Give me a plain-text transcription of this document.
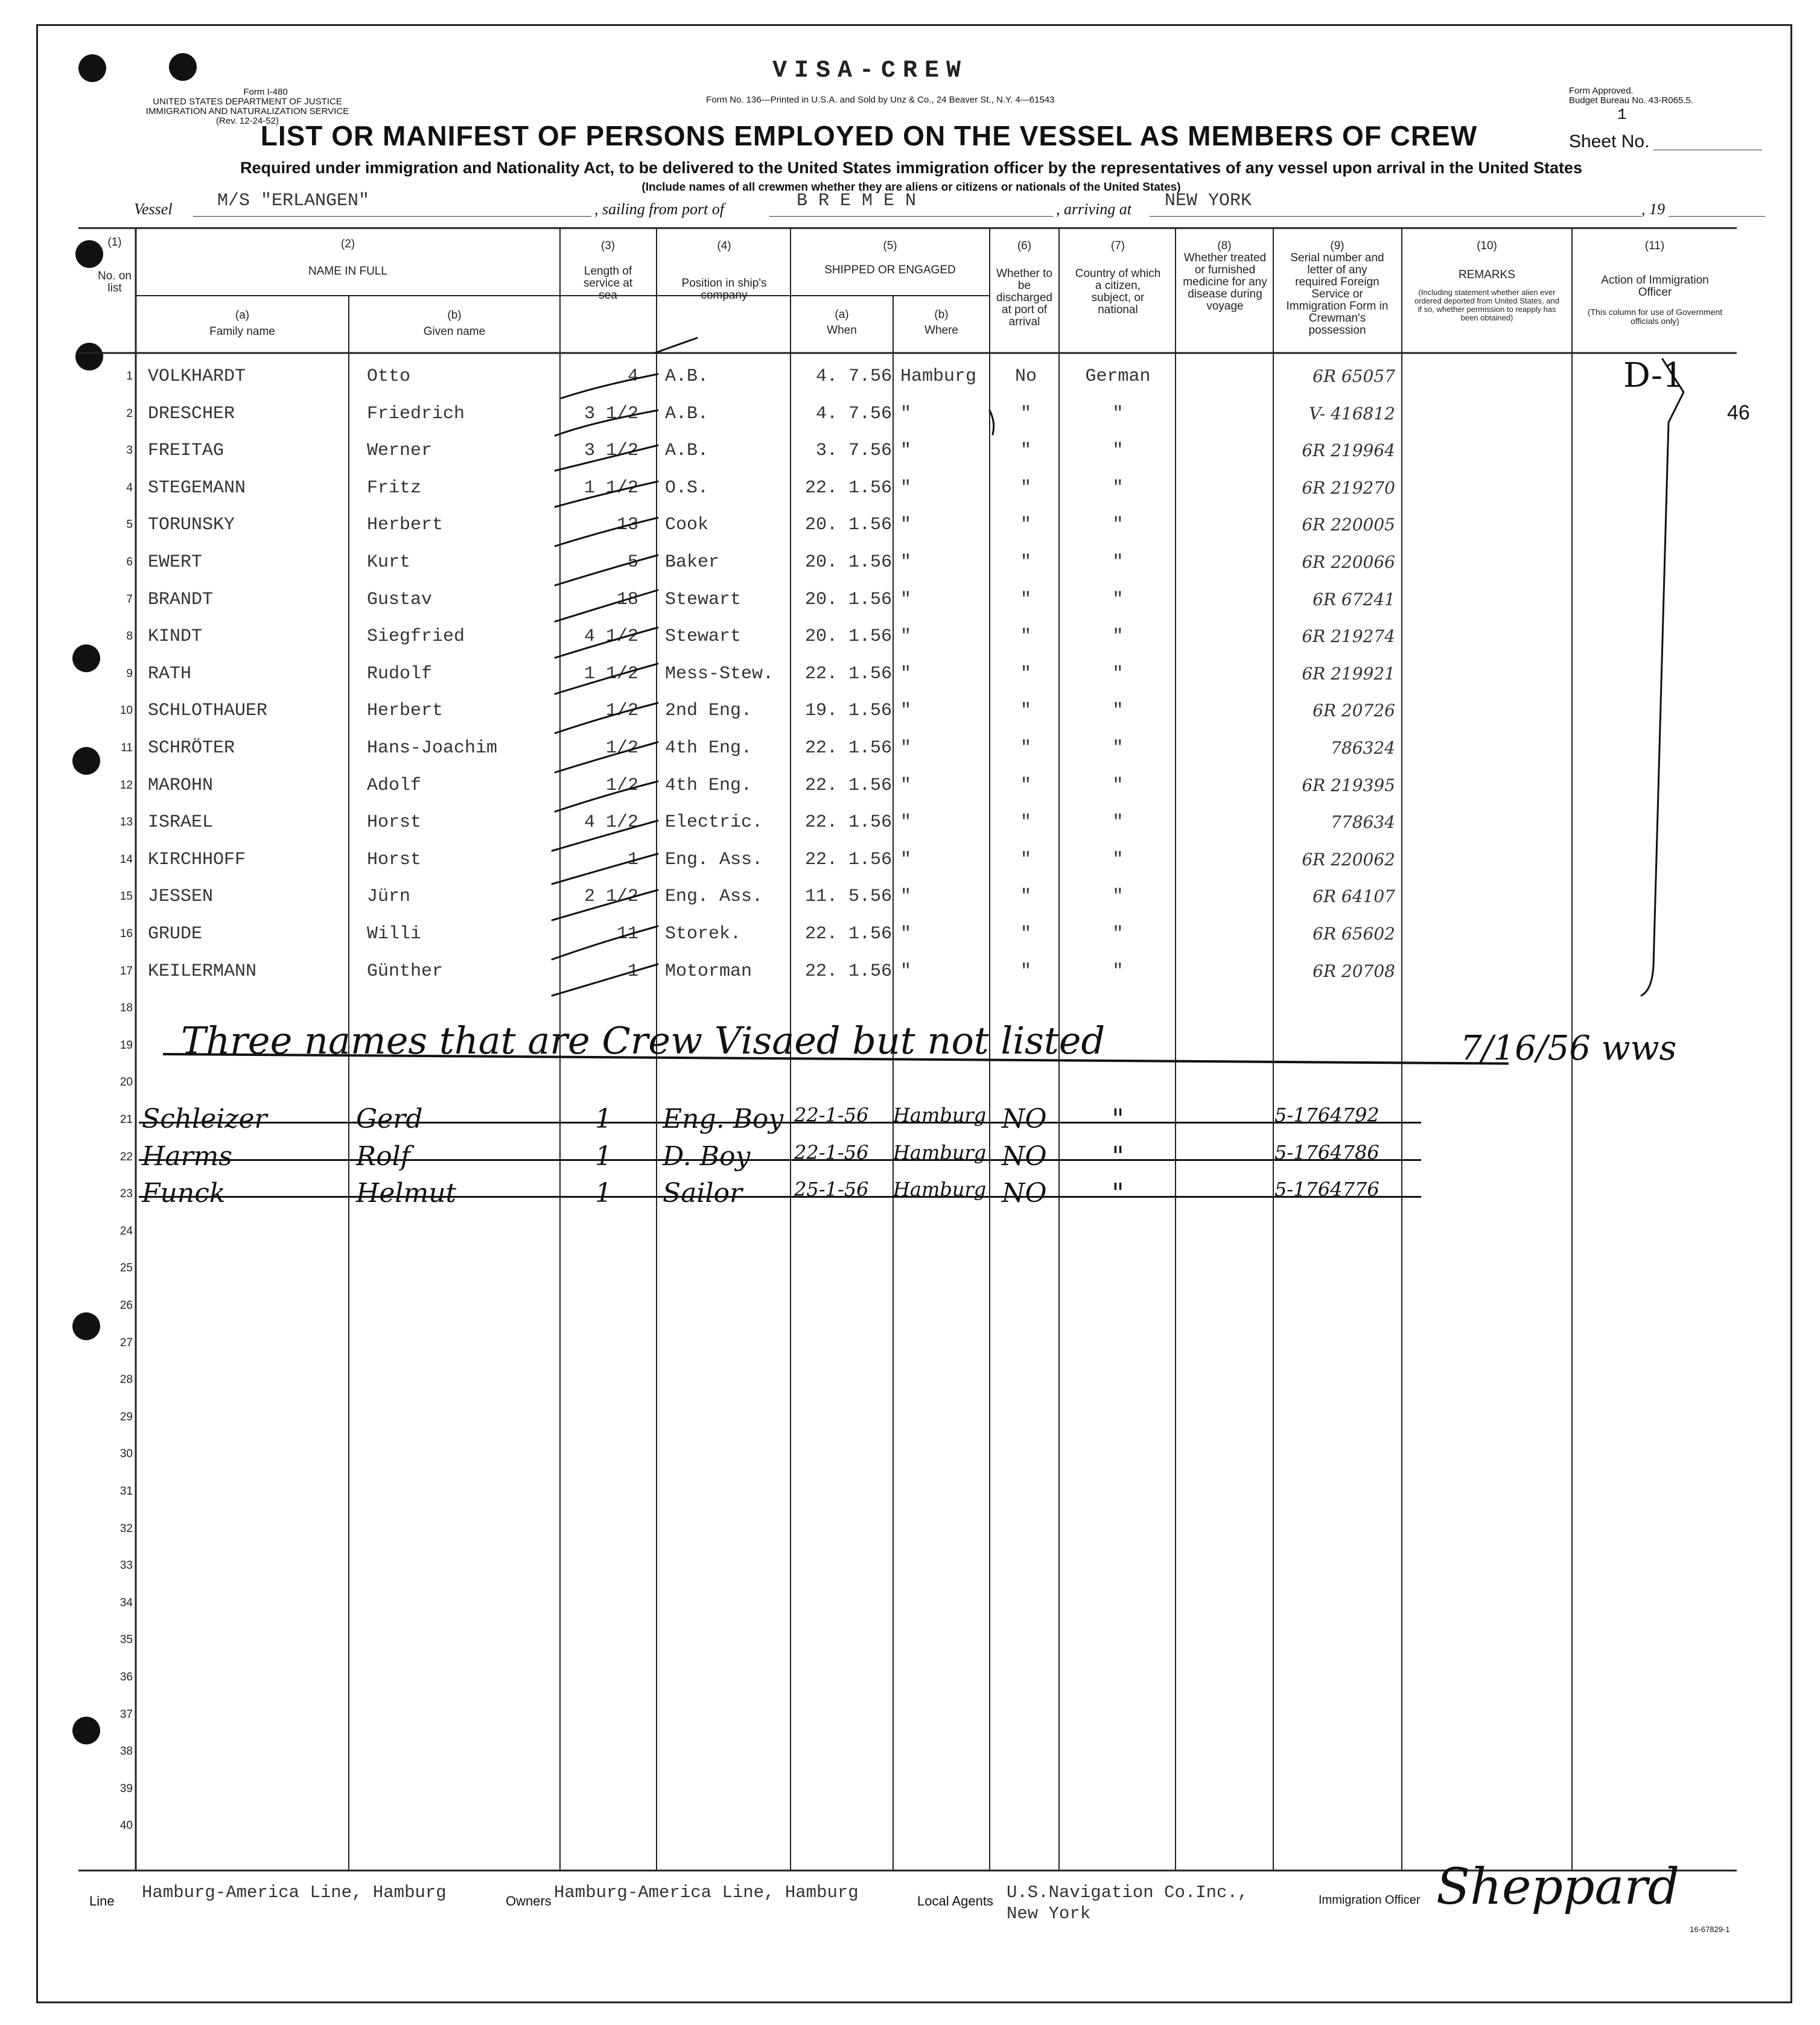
Form I-480
UNITED STATES DEPARTMENT OF JUSTICE
IMMIGRATION AND NATURALIZATION SERVICE
(Rev. 12-24-52)
VISA-CREW
Form No. 136—Printed in U.S.A. and Sold by Unz & Co., 24 Beaver St., N.Y. 4—61543
Form Approved.
Budget Bureau No. 43-R065.5.
1
Sheet No.
LIST OR MANIFEST OF PERSONS EMPLOYED ON THE VESSEL AS MEMBERS OF CREW
Required under immigration and Nationality Act, to be delivered to the United States immigration officer by the representatives of any vessel upon arrival in the United States
(Include names of all crewmen whether they are aliens or citizens or nationals of the United States)
Vessel M/S "ERLANGEN"	, sailing from port of	B R E M E N	, arriving at NEW YORK	, 19
(1)
No. on list
(2)
NAME IN FULL
(a)
Family name
(b)
Given name
(3)
Length of service at sea
(4)
Position in ship's company
(5)
SHIPPED OR ENGAGED
(a)
When
(b)
Where
(6)
Whether to be discharged at port of arrival
(7)
Country of which a citizen, subject, or national
(8)
Whether treated or furnished medicine for any disease during voyage
(9)
Serial number and letter of any required Foreign Service or Immigration Form in Crewman's possession
(10)
REMARKS
(Including statement whether alien ever ordered deported from United States, and if so, whether permission to reapply has been obtained)
(11)
Action of Immigration Officer
(This column for use of Government officials only)
1
2
3
4
5
6
7
8
9
10
11
12
13
14
15
16
17
18
19
20
21
22
23
24
25
26
27
28
29
30
31
32
33
34
35
36
37
38
39
40
VOLKHARDT	Otto	4 A.B.	4. 7.56 Hamburg	No	German	6R 65057
DRESCHER	Friedrich	3 1/2 A.B.	4. 7.56 "	"	"	V- 416812
FREITAG	Werner	3 1/2 A.B.	3. 7.56 "	"	"	6R 219964
STEGEMANN	Fritz	1 1/2 O.S.	22. 1.56 "	"	"	6R 219270
TORUNSKY	Herbert	13 Cook	20. 1.56 "	"	"	6R 220005
EWERT	Kurt	5 Baker	20. 1.56 "	"	"	6R 220066
BRANDT	Gustav	18 Stewart	20. 1.56 "	"	"	6R 67241
KINDT	Siegfried	4 1/2 Stewart	20. 1.56 "	"	"	6R 219274
RATH	Rudolf	1 1/2 Mess-Stew.	22. 1.56 "	"	"	6R 219921
SCHLOTHAUER	Herbert	1/2 2nd Eng.	19. 1.56 "	"	"	6R 20726
SCHRÖTER	Hans-Joachim	1/2 4th Eng.	22. 1.56 "	"	"	786324
MAROHN	Adolf	1/2 4th Eng.	22. 1.56 "	"	"	6R 219395
ISRAEL	Horst	4 1/2 Electric.	22. 1.56 "	"	"	778634
KIRCHHOFF	Horst	1 Eng. Ass.	22. 1.56 "	"	"	6R 220062
JESSEN	Jürn	2 1/2 Eng. Ass.	11. 5.56 "	"	"	6R 64107
GRUDE	Willi	11 Storek.	22. 1.56 "	"	"	6R 65602
KEILERMANN	Günther	1 Motorman	22. 1.56 "	"	"	6R 20708
Three names that are Crew Visaed but not listed	7/16/56 wws
D-1
46
Schleizer	Gerd	1	Eng. Boy 22-1-56 Hamburg NO	"	5-1764792
Harms	Rolf	1	D. Boy 22-1-56 Hamburg NO	"	5-1764786
Funck	Helmut	1	Sailor	25-1-56 Hamburg NO	"	5-1764776
Line Hamburg-America Line, Hamburg	Owners Hamburg-America Line, Hamburg	Local Agents U.S.Navigation Co.Inc.,
New York
Immigration Officer Sheppard
16-67829-1
